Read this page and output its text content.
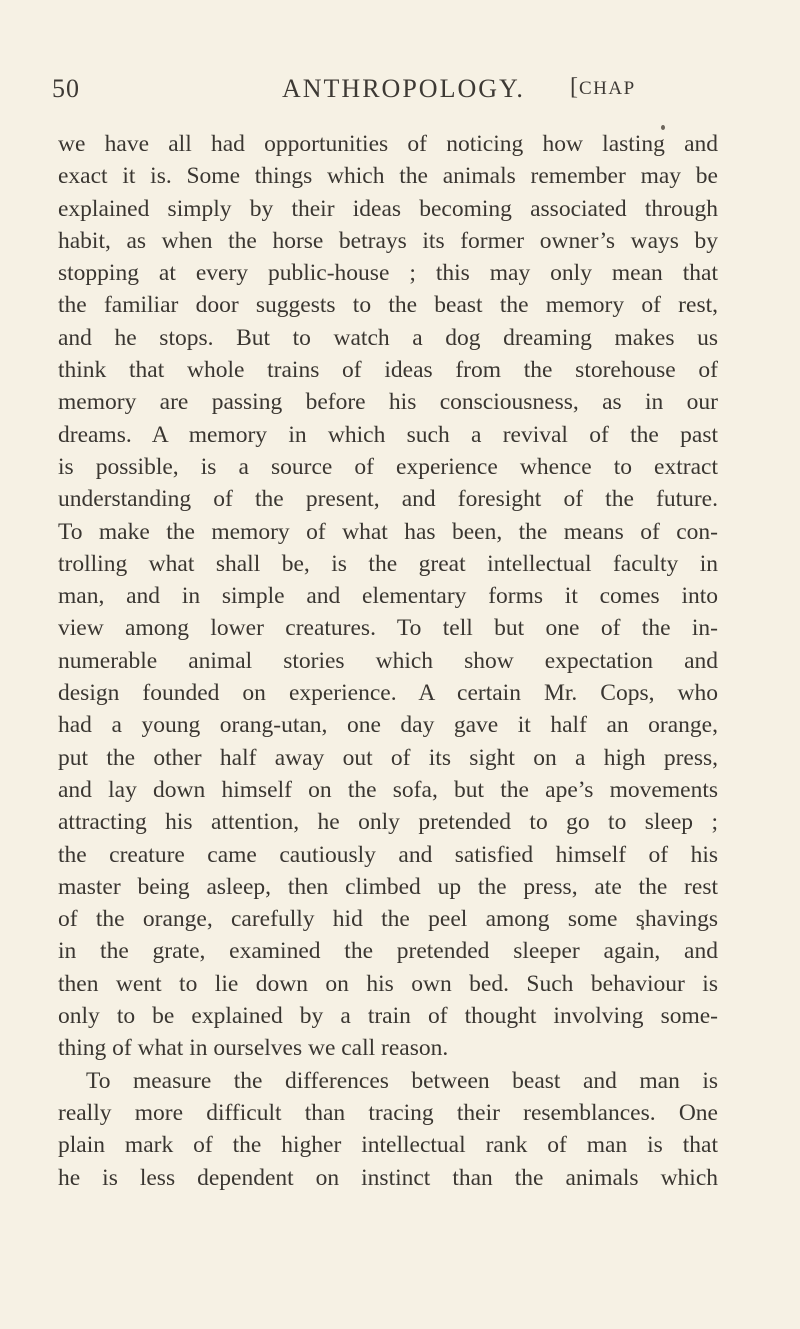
50	ANTHROPOLOGY. [CHAP
we have all had opportunities of noticing how lasting and
exact it is. Some things which the animals remember may be
explained simply by their ideas becoming associated through
habit, as when the horse betrays its former owner’s ways by
stopping at every public-house ; this may only mean that
the familiar door suggests to the beast the memory of rest,
and he stops. But to watch a dog dreaming makes us
think that whole trains of ideas from the storehouse of
memory are passing before his consciousness, as in our
dreams. A memory in which such a revival of the past
is possible, is a source of experience whence to extract
understanding of the present, and foresight of the future.
To make the memory of what has been, the means of con-
trolling what shall be, is the great intellectual faculty in
man, and in simple and elementary forms it comes into
view among lower creatures. To tell but one of the in-
numerable animal stories which show expectation and
design founded on experience. A certain Mr. Cops, who
had a young orang-utan, one day gave it half an orange,
put the other half away out of its sight on a high press,
and lay down himself on the sofa, but the ape’s movements
attracting his attention, he only pretended to go to sleep ;
the creature came cautiously and satisfied himself of his
master being asleep, then climbed up the press, ate the rest
of the orange, carefully hid the peel among some shavings
in the grate, examined the pretended sleeper again, and
then went to lie down on his own bed. Such behaviour is
only to be explained by a train of thought involving some-
thing of what in ourselves we call reason.
To measure the differences between beast and man is
really more difficult than tracing their resemblances. One
plain mark of the higher intellectual rank of man is that
he is less dependent on instinct than the animals which
